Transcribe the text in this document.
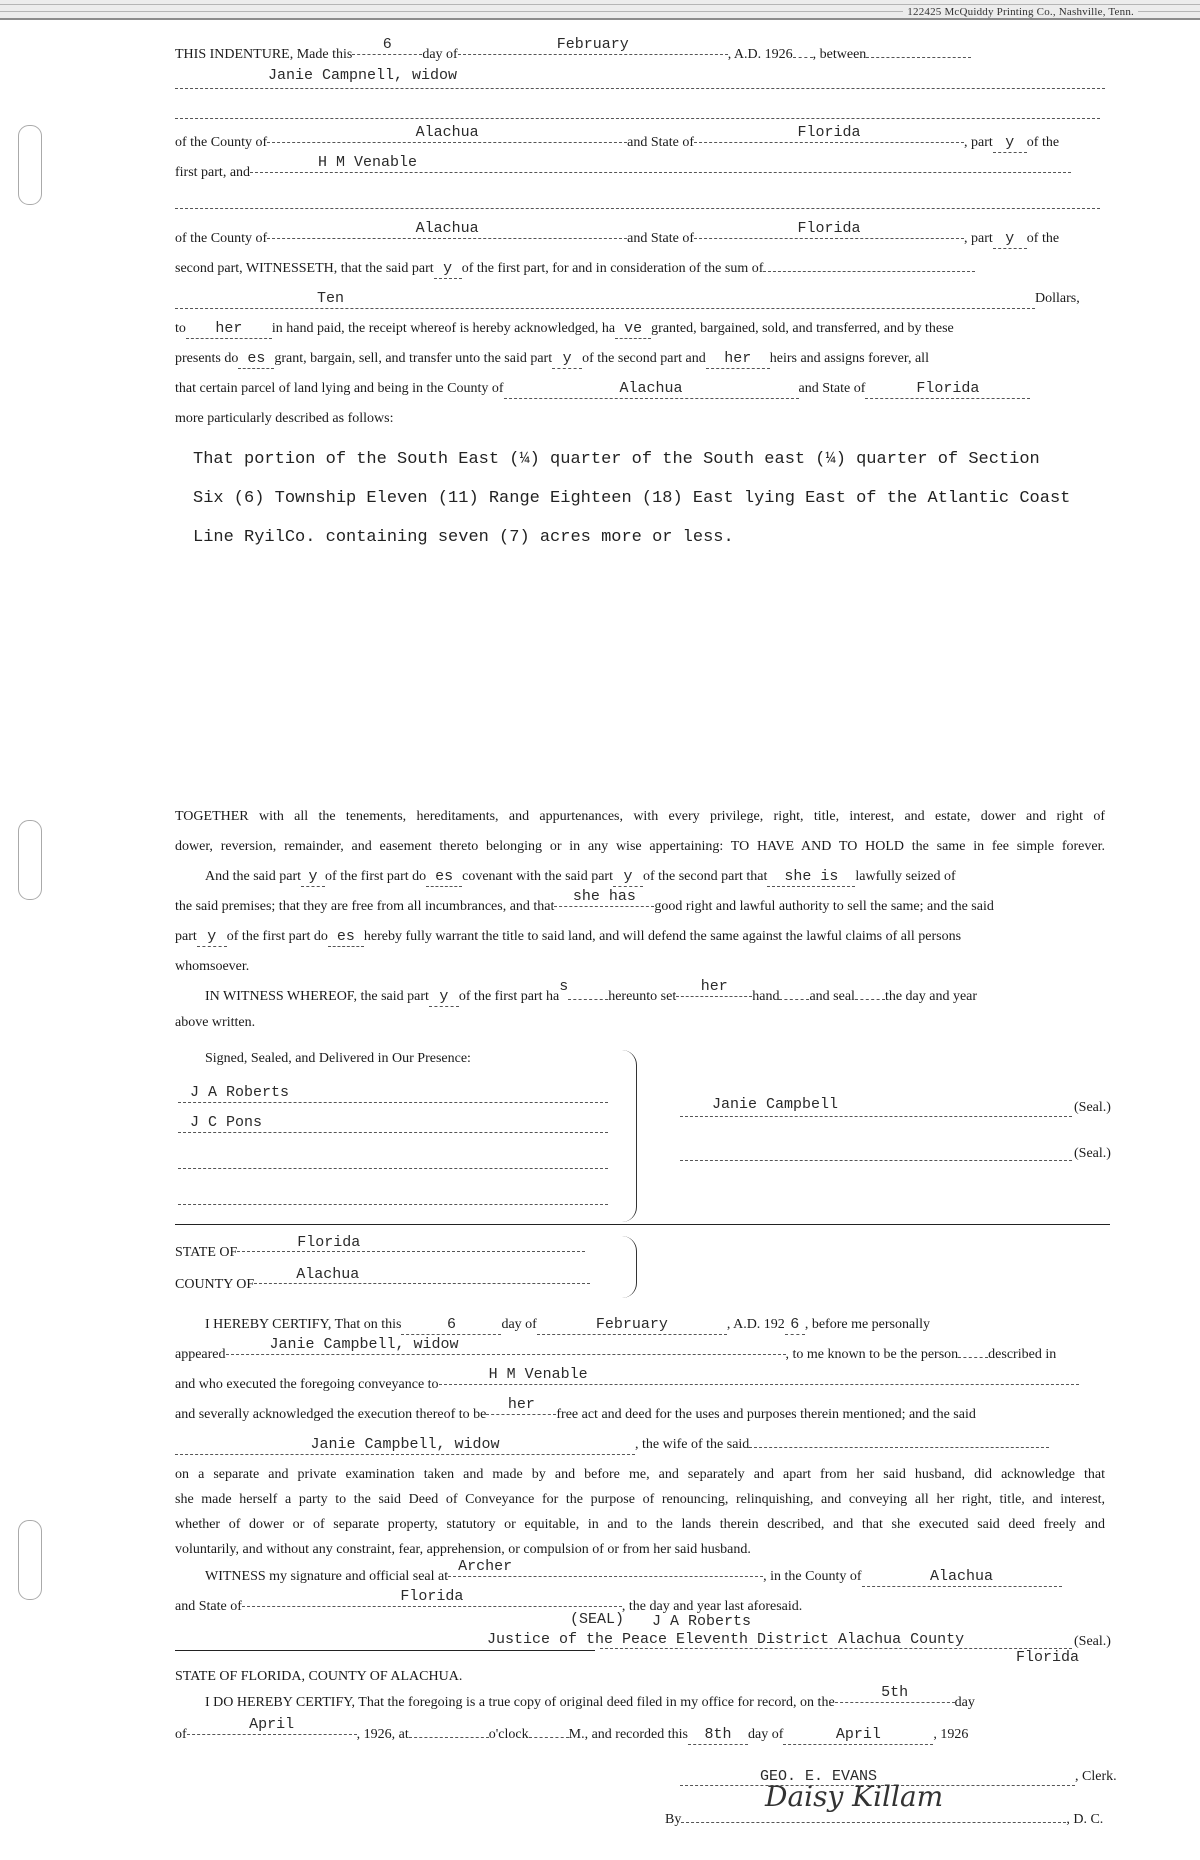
122425 McQuiddy Printing Co., Nashville, Tenn.
THIS INDENTURE, Made this6day ofFebruary, A.D. 1926 , between
Janie Campnell, widow
of the County ofAlachuaand State ofFlorida, part y of the
first part, andH M Venable
of the County ofAlachuaand State ofFlorida, part y of the
second part, WITNESSETH, that the said part y of the first part, for and in consideration of the sum of
Ten	Dollars,
to her in hand paid, the receipt whereof is hereby acknowledged, ha ve granted, bargained, sold, and transferred, and by these
presents do es grant, bargain, sell, and transfer unto the said part y of the second part and her heirs and assigns forever, all
that certain parcel of land lying and being in the County of	Alachua	and State of	Florida
more particularly described as follows:
That portion of the South East (¼) quarter of the South east (¼) quarter of Section
Six (6) Township Eleven (11) Range Eighteen (18) East lying East of the Atlantic Coast
Line RyilCo. containing seven (7) acres more or less.
TOGETHER with all the tenements, hereditaments, and appurtenances, with every privilege, right, title, interest, and estate, dower and right of
dower, reversion, remainder, and easement thereto belonging or in any wise appertaining: TO HAVE AND TO HOLD the same in fee simple forever.
And the said part y of the first part do es covenant with the said part y of the second part that she is lawfully seized of
the said premises; that they are free from all incumbrances, and thatshe hasgood right and lawful authority to sell the same; and the said
part y of the first part do es hereby fully warrant the title to said land, and will defend the same against the lawful claims of all persons
whomsoever.
IN WITNESS WHEREOF, the said part y of the first part hashereunto setherhand and seal the day and year
above written.
Signed, Sealed, and Delivered in Our Presence:
J A Roberts
J C Pons
Janie Campbell	(Seal.)
(Seal.)
STATE OFFlorida
COUNTY OFAlachua
I HEREBY CERTIFY, That on this	6	day of	February	, A.D. 192 6 , before me personally
appearedJanie Campbell, widow, to me known to be the person described in
and who executed the foregoing conveyance toH M Venable
and severally acknowledged the execution thereof to beherfree act and deed for the uses and purposes therein mentioned; and the said
Janie Campbell, widow	, the wife of the said
on a separate and private examination taken and made by and before me, and separately and apart from her said husband, did acknowledge that
she made herself a party to the said Deed of Conveyance for the purpose of renouncing, relinquishing, and conveying all her right, title, and interest,
whether of dower or of separate property, statutory or equitable, in and to the lands therein described, and that she executed said deed freely and
voluntarily, and without any constraint, fear, apprehension, or compulsion of or from her said husband.
WITNESS my signature and official seal atArcher, in the County of	Alachua
and State ofFlorida, the day and year last aforesaid.
(SEAL) J A Roberts
Justice of the Peace Eleventh District Alachua County	(Seal.)
Florida
STATE OF FLORIDA, COUNTY OF ALACHUA.
I DO HEREBY CERTIFY, That the foregoing is a true copy of original deed filed in my office for record, on the5thday
ofApril, 1926, at	o'clock	M., and recorded this 8th day of	April	, 1926
GEO. E. EVANS	, Clerk.
By	, D. C.
Daisy Killam
